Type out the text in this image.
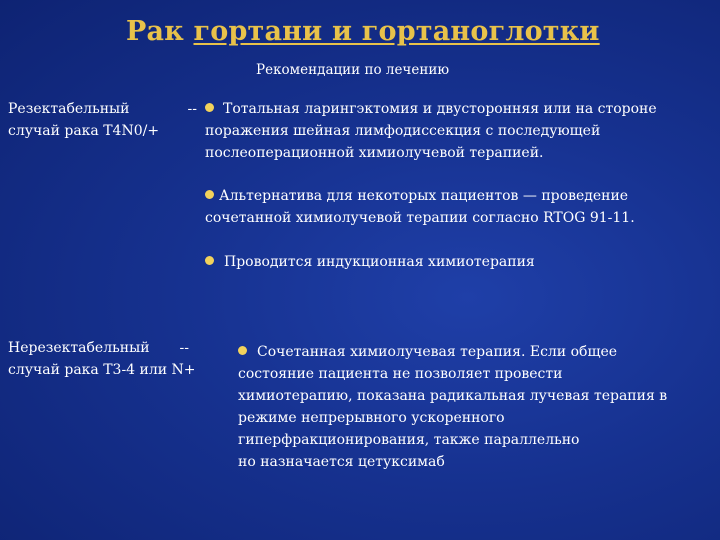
Рак гортани и гортаноглотки
Рекомендации по лечению
Резектабельный	--
случай рака Т4N0/+
Нерезектабельный --
случай рака Т3-4 или N+
Тотальная ларингэктомия и двусторонняя или на стороне
поражения шейная лимфодиссекция с последующей
послеоперационной химиолучевой терапией.
Альтернатива для некоторых пациентов — проведение
сочетанной химиолучевой терапии согласно RTOG 91-11.
Проводится индукционная химиотерапия
Сочетанная химиолучевая терапия. Если общее
состояние пациента не позволяет провести
химиотерапию, показана радикальная лучевая терапия в
режиме непрерывного ускоренного
гиперфракционирования, также параллельно
но назначается цетуксимаб
